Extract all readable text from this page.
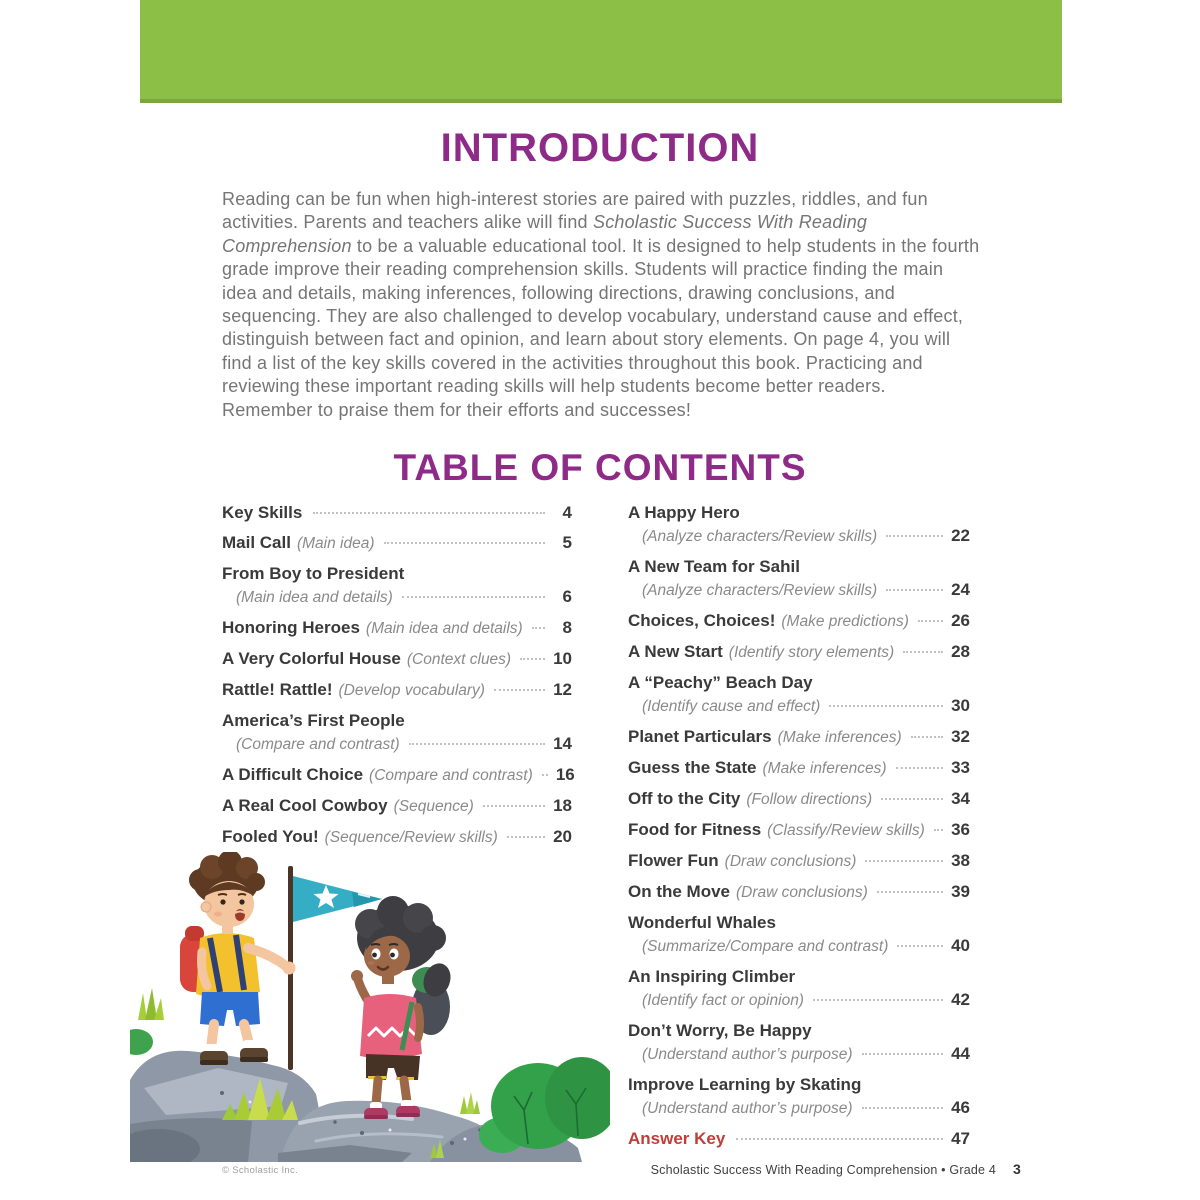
INTRODUCTION
Reading can be fun when high-interest stories are paired with puzzles, riddles, and fun activities. Parents and teachers alike will find Scholastic Success With Reading Comprehension to be a valuable educational tool. It is designed to help students in the fourth grade improve their reading comprehension skills. Students will practice finding the main idea and details, making inferences, following directions, drawing conclusions, and sequencing. They are also challenged to develop vocabulary, understand cause and effect, distinguish between fact and opinion, and learn about story elements. On page 4, you will find a list of the key skills covered in the activities throughout this book. Practicing and reviewing these important reading skills will help students become better readers. Remember to praise them for their efforts and successes!
TABLE OF CONTENTS
Key Skills	4
Mail Call (Main idea)	5
From Boy to President
(Main idea and details)	6
Honoring Heroes (Main idea and details)	8
A Very Colorful House (Context clues) 10
Rattle! Rattle! (Develop vocabulary)	12
America’s First People
(Compare and contrast)	14
A Difficult Choice (Compare and contrast) 16
A Real Cool Cowboy (Sequence)	18
Fooled You! (Sequence/Review skills)	20
A Happy Hero
(Analyze characters/Review skills)	22
A New Team for Sahil
(Analyze characters/Review skills)	24
Choices, Choices! (Make predictions) 26
A New Start (Identify story elements)	28
A “Peachy” Beach Day
(Identify cause and effect)	30
Planet Particulars (Make inferences)	32
Guess the State (Make inferences)	33
Off to the City (Follow directions)	34
Food for Fitness (Classify/Review skills) 36
Flower Fun (Draw conclusions)	38
On the Move (Draw conclusions)	39
Wonderful Whales
(Summarize/Compare and contrast)	40
An Inspiring Climber
(Identify fact or opinion)	42
Don’t Worry, Be Happy
(Understand author’s purpose)	44
Improve Learning by Skating
(Understand author’s purpose)	46
Answer Key	47
© Scholastic Inc.	Scholastic Success With Reading Comprehension • Grade 4 3
